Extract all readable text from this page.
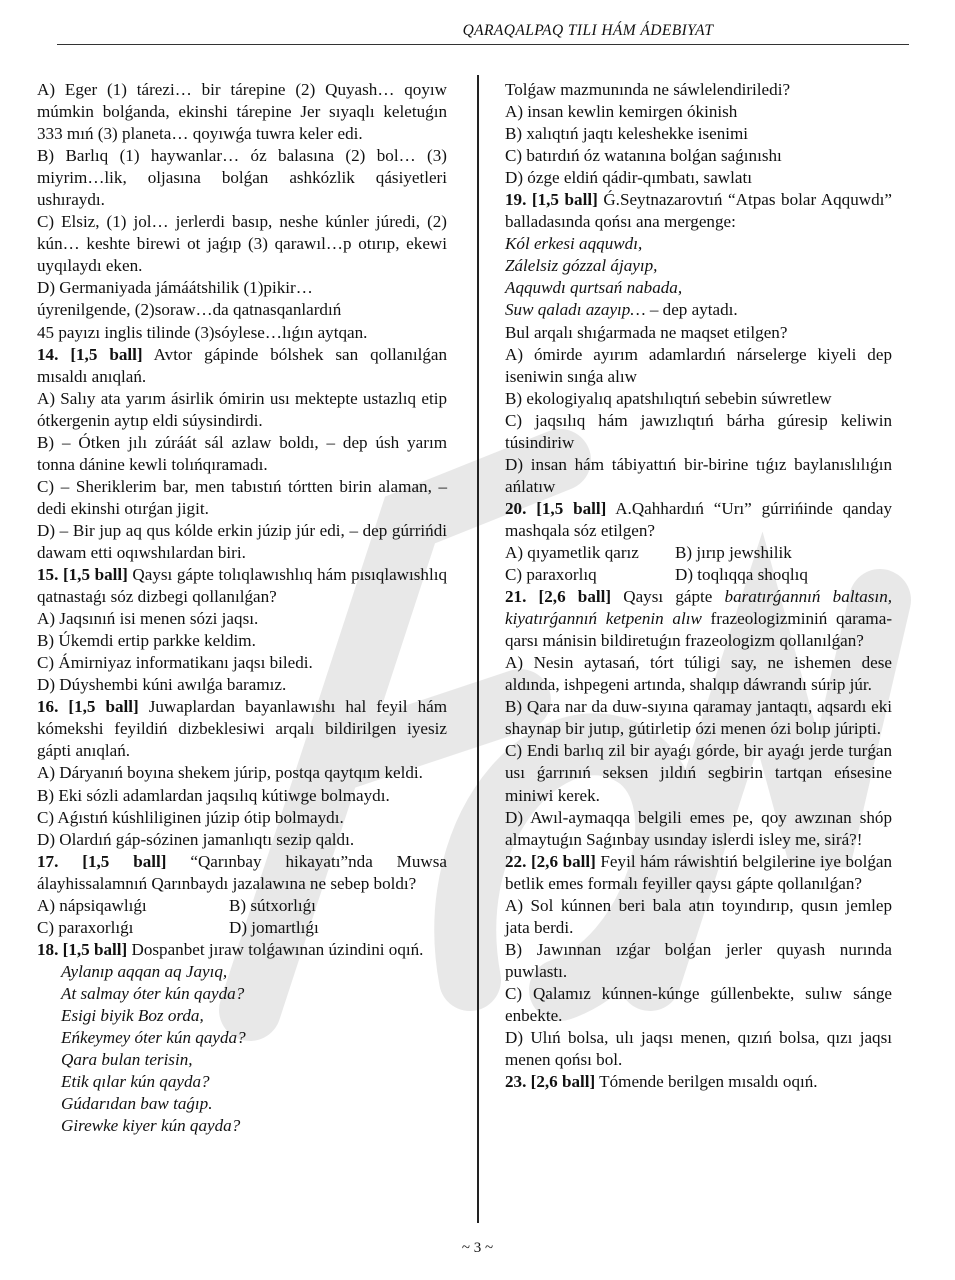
QARAQALPAQ TILI HÁM ÁDEBIYAT

A) Eger (1) tárezi… bir tárepine (2) Quyash… qoyıw múmkin bolǵanda, ekinshi tárepine Jer sıyaqlı keletuǵın 333 mıń (3) planeta… qoyıwǵa tuwra keler edi.

B) Barlıq (1) haywanlar… óz balasına (2) bol… (3) miyrim…lik, oljasına bolǵan ashkózlik qásiyetleri ushıraydı.

C) Elsiz, (1) jol… jerlerdi basıp, neshe kúnler júredi, (2) kún… keshte birewi ot jaǵıp (3) qarawıl…p otırıp, ekewi uyqılaydı eken.

D) Germaniyada jámáátshilik (1)pikir…

úyrenilgende, (2)soraw…da qatnasqanlardıń

45 payızı inglis tilinde (3)sóylese…lıǵın aytqan.

14. [1,5 ball] Avtor gápinde bólshek san qollanılǵan mısaldı anıqlań.

A) Salıy ata yarım ásirlik ómirin usı mektepte ustazlıq etip ótkergenin aytıp eldi súysindirdi.

B) – Ótken jılı zúráát sál azlaw boldı, – dep úsh yarım tonna dánine kewli tolıńqıramadı.

C) – Sheriklerim bar, men tabıstıń tórtten birin alaman, – dedi ekinshi otırǵan jigit.

D) – Bir jup aq qus kólde erkin júzip júr edi, – dep gúrrińdi dawam etti oqıwshılardan biri.

15. [1,5 ball] Qaysı gápte tolıqlawıshlıq hám pısıqlawıshlıq qatnastaǵı sóz dizbegi qollanılǵan?

A) Jaqsınıń isi menen sózi jaqsı.

B) Úkemdi ertip parkke keldim.

C) Ámirniyaz informatikanı jaqsı biledi.

D) Dúyshembi kúni awılǵa baramız.

16. [1,5 ball] Juwaplardan bayanlawıshı hal feyil hám kómekshi feyildiń dizbeklesiwi arqalı bildirilgen iyesiz gápti anıqlań.

A) Dáryanıń boyına shekem júrip, postqa qaytqım keldi.

B) Eki sózli adamlardan jaqsılıq kútiwge bolmaydı.

C) Aǵıstıń kúshliliginen júzip ótip bolmaydı.

D) Olardıń gáp-sózinen jamanlıqtı sezip qaldı.

17. [1,5 ball] “Qarınbay hikayatı”nda Muwsa álayhissalamnıń Qarınbaydı jazalawına ne sebep boldı?

A) nápsiqawlıǵı	B) sútxorlıǵı
C) paraxorlıǵı	D) jomartlıǵı

18. [1,5 ball] Dospanbet jıraw tolǵawınan úzindini oqıń.

Aylanıp aqqan aq Jayıq,

At salmay óter kún qayda?

Esigi biyik Boz orda,

Eńkeymey óter kún qayda?

Qara bulan terisin,

Etik qılar kún qayda?

Gúdarıdan baw taǵıp.

Girewke kiyer kún qayda?

Tolǵaw mazmunında ne sáwlelendiriledi?

A) insan kewlin kemirgen ókinish

B) xalıqtıń jaqtı keleshekke isenimi

C) batırdıń óz watanına bolǵan saǵınıshı

D) ózge eldiń qádir-qımbatı, sawlatı

19. [1,5 ball] Ǵ.Seytnazarovtıń “Atpas bolar Aqquwdı” balladasında qońsı ana mergenge:

Kól erkesi aqquwdı,

Zálelsiz gózzal ájayıp,

Aqquwdı qurtsań nabada,

Suw qaladı azayıp… – dep aytadı.

Bul arqalı shıǵarmada ne maqset etilgen?

A) ómirde ayırım adamlardıń nárselerge kiyeli dep iseniwin sınǵa alıw

B) ekologiyalıq apatshılıqtıń sebebin súwretlew

C) jaqsılıq hám jawızlıqtıń bárha gúresip keliwin túsindiriw

D) insan hám tábiyattıń bir-birine tıǵız baylanıslılıǵın ańlatıw

20. [1,5 ball] A.Qahhardıń “Urı” gúrrińinde qanday mashqala sóz etilgen?

A) qıyametlik qarız	B) jırıp jewshilik
C) paraxorlıq	D) toqlıqqa shoqlıq

21. [2,6 ball] Qaysı gápte baratırǵannıń baltasın, kiyatırǵannıń ketpenin alıw frazeologizminiń qarama-qarsı mánisin bildiretuǵın frazeologizm qollanılǵan?

A) Nesin aytasań, tórt túligi say, ne ishemen dese aldında, ishpegeni artında, shalqıp dáwrandı súrip júr.

B) Qara nar da duw-sıyına qaramay jantaqtı, aqsardı eki shaynap bir jutıp, gútirletip ózi menen ózi bolıp júripti.

C) Endi barlıq zil bir ayaǵı górde, bir ayaǵı jerde turǵan usı ǵarrınıń seksen jıldıń segbirin tartqan eńsesine miniwi kerek.

D) Awıl-aymaqqa belgili emes pe, qoy awzınan shóp almaytuǵın Saǵınbay usınday islerdi isley me, sirá?!

22. [2,6 ball] Feyil hám ráwishtiń belgilerine iye bolǵan betlik emes formalı feyiller qaysı gápte qollanılǵan?

A) Sol kúnnen beri bala atın toyındırıp, qusın jemlep jata berdi.

B) Jawınnan ızǵar bolǵan jerler quyash nurında puwlastı.

C) Qalamız kúnnen-kúnge gúllenbekte, sulıw sánge enbekte.

D) Ulıń bolsa, ulı jaqsı menen, qızıń bolsa, qızı jaqsı menen qońsı bol.

23. [2,6 ball] Tómende berilgen mısaldı oqıń.

~ 3 ~
